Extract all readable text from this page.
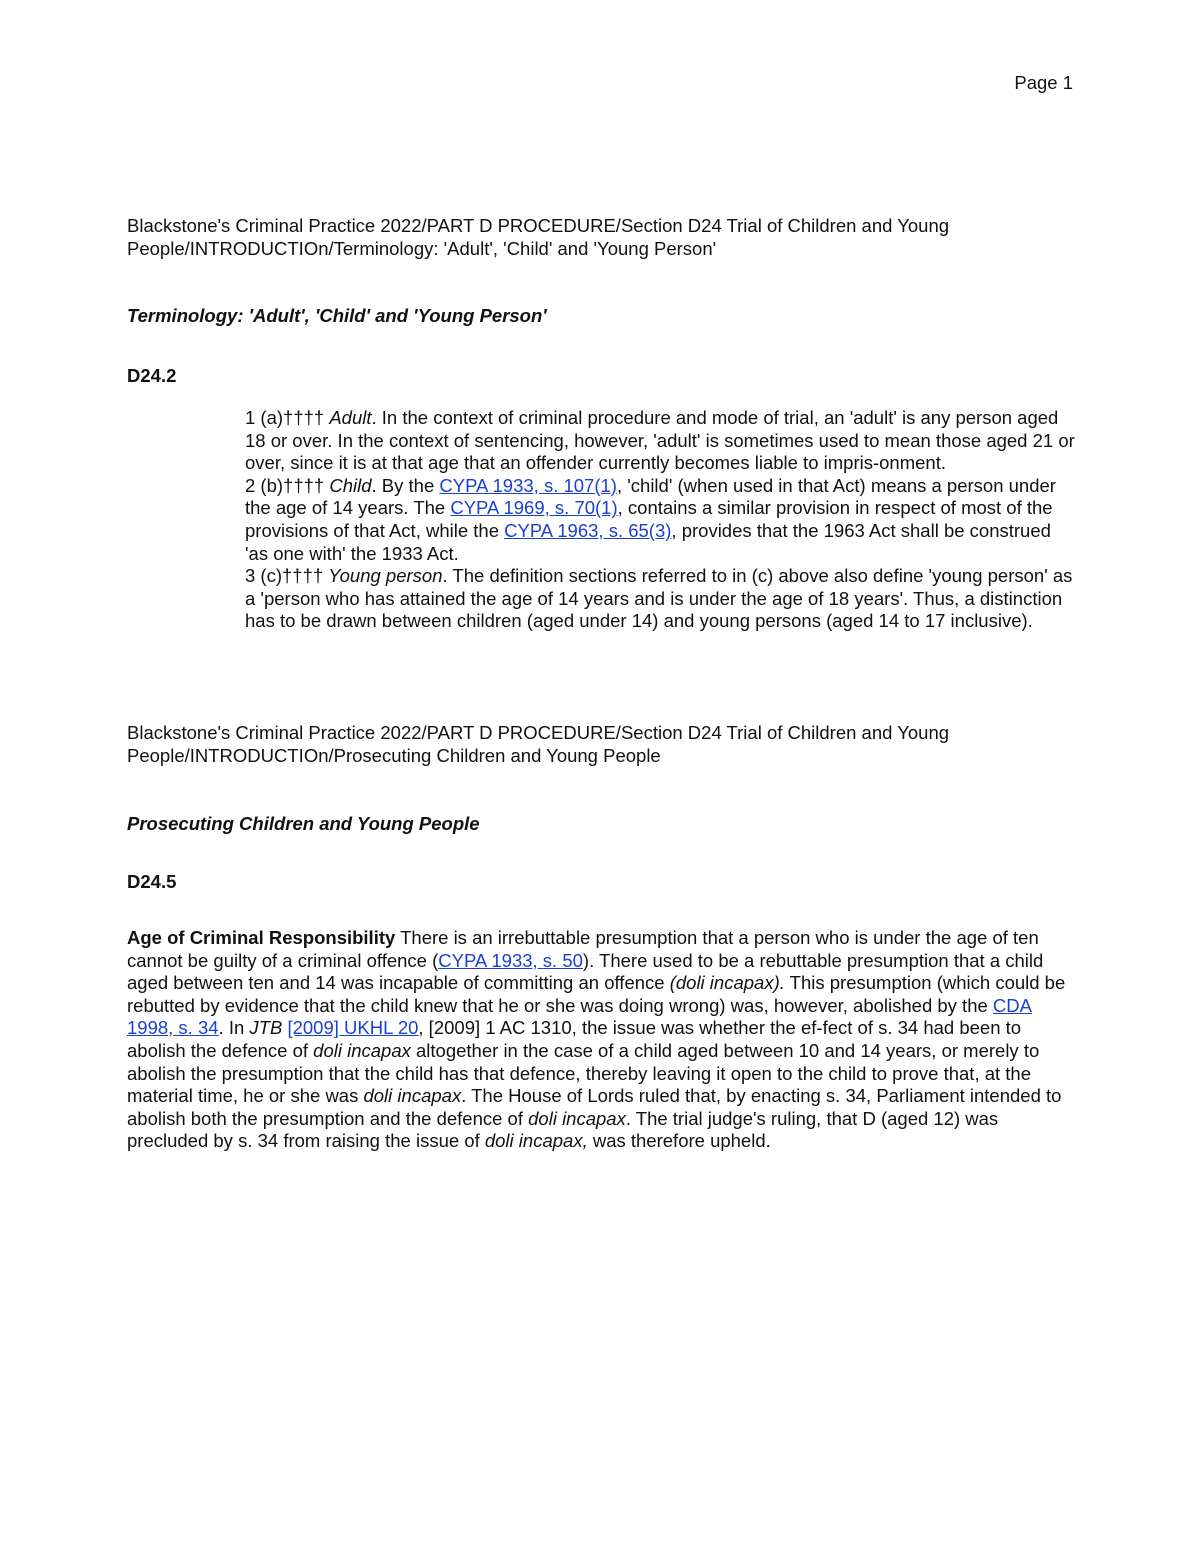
Page 1
Blackstone's Criminal Practice 2022/PART D PROCEDURE/Section D24 Trial of Children and Young
People/INTRODUCTIOn/Terminology: 'Adult', 'Child' and 'Young Person'
Terminology: 'Adult', 'Child' and 'Young Person'
D24.2
1 (a)†††† Adult. In the context of criminal procedure and mode of trial, an 'adult' is any person aged 18 or over. In the context of sentencing, however, 'adult' is sometimes used to mean those aged 21 or over, since it is at that age that an offender currently becomes liable to impris-onment.
2 (b)†††† Child. By the CYPA 1933, s. 107(1), 'child' (when used in that Act) means a person under the age of 14 years. The CYPA 1969, s. 70(1), contains a similar provision in respect of most of the provisions of that Act, while the CYPA 1963, s. 65(3), provides that the 1963 Act shall be construed 'as one with' the 1933 Act.
3 (c)†††† Young person. The definition sections referred to in (c) above also define 'young person' as a 'person who has attained the age of 14 years and is under the age of 18 years'. Thus, a distinction has to be drawn between children (aged under 14) and young persons (aged 14 to 17 inclusive).
Blackstone's Criminal Practice 2022/PART D PROCEDURE/Section D24 Trial of Children and Young
People/INTRODUCTIOn/Prosecuting Children and Young People
Prosecuting Children and Young People
D24.5
Age of Criminal Responsibility There is an irrebuttable presumption that a person who is under the age of ten cannot be guilty of a criminal offence (CYPA 1933, s. 50). There used to be a rebuttable presumption that a child aged between ten and 14 was incapable of committing an offence (doli incapax). This presumption (which could be rebutted by evidence that the child knew that he or she was doing wrong) was, however, abolished by the CDA 1998, s. 34. In JTB [2009] UKHL 20, [2009] 1 AC 1310, the issue was whether the ef-fect of s. 34 had been to abolish the defence of doli incapax altogether in the case of a child aged between 10 and 14 years, or merely to abolish the presumption that the child has that defence, thereby leaving it open to the child to prove that, at the material time, he or she was doli incapax. The House of Lords ruled that, by enacting s. 34, Parliament intended to abolish both the presumption and the defence of doli incapax. The trial judge's ruling, that D (aged 12) was precluded by s. 34 from raising the issue of doli incapax, was therefore upheld.
